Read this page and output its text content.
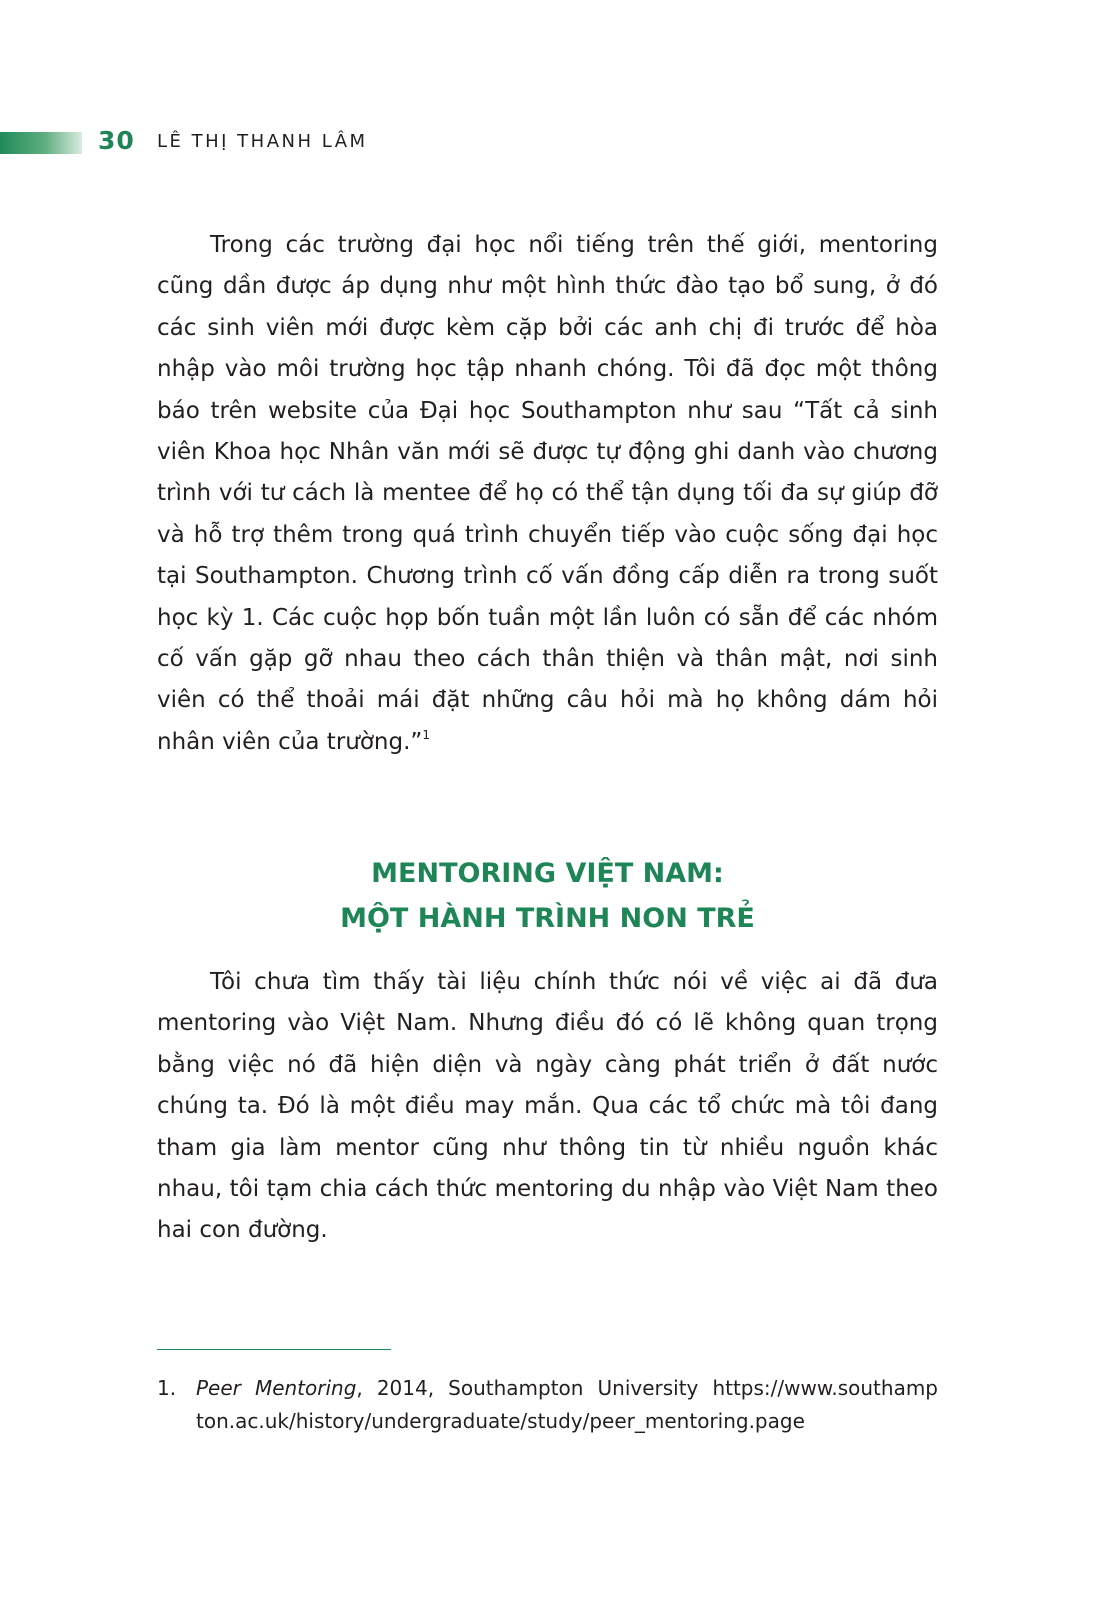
30 LÊ THỊ THANH LÂM

Trong các trường đại học nổi tiếng trên thế giới, mentoring cũng dần được áp dụng như một hình thức đào tạo bổ sung, ở đó các sinh viên mới được kèm cặp bởi các anh chị đi trước để hòa nhập vào môi trường học tập nhanh chóng. Tôi đã đọc một thông báo trên website của Đại học Southampton như sau “Tất cả sinh viên Khoa học Nhân văn mới sẽ được tự động ghi danh vào chương trình với tư cách là mentee để họ có thể tận dụng tối đa sự giúp đỡ và hỗ trợ thêm trong quá trình chuyển tiếp vào cuộc sống đại học tại Southampton. Chương trình cố vấn đồng cấp diễn ra trong suốt học kỳ 1. Các cuộc họp bốn tuần một lần luôn có sẵn để các nhóm cố vấn gặp gỡ nhau theo cách thân thiện và thân mật, nơi sinh viên có thể thoải mái đặt những câu hỏi mà họ không dám hỏi nhân viên của trường.”$^1$

MENTORING VIỆT NAM:
MỘT HÀNH TRÌNH NON TRẺ

Tôi chưa tìm thấy tài liệu chính thức nói về việc ai đã đưa mentoring vào Việt Nam. Nhưng điều đó có lẽ không quan trọng bằng việc nó đã hiện diện và ngày càng phát triển ở đất nước chúng ta. Đó là một điều may mắn. Qua các tổ chức mà tôi đang tham gia làm mentor cũng như thông tin từ nhiều nguồn khác nhau, tôi tạm chia cách thức mentoring du nhập vào Việt Nam theo hai con đường.

1. Peer Mentoring, 2014, Southampton University https://www.southamp ton.ac.uk/history/undergraduate/study/peer_mentoring.page
